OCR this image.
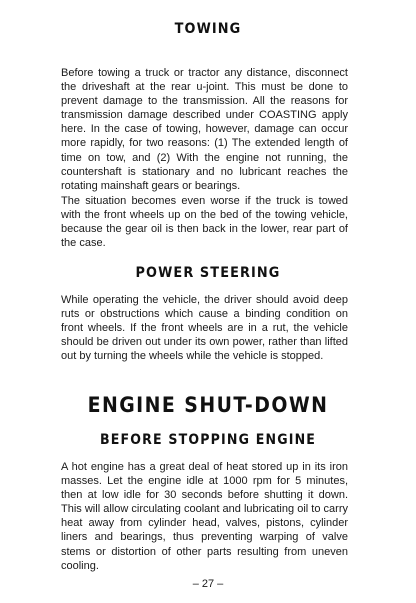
TOWING

Before towing a truck or tractor any distance, disconnect the driveshaft at the rear u-joint. This must be done to prevent damage to the transmission. All the reasons for transmission damage described under COASTING apply here. In the case of towing, however, damage can occur more rapidly, for two reasons: (1) The extended length of time on tow, and (2) With the engine not running, the countershaft is stationary and no lubricant reaches the rotating mainshaft gears or bearings.

The situation becomes even worse if the truck is towed with the front wheels up on the bed of the towing vehicle, because the gear oil is then back in the lower, rear part of the case.

POWER STEERING

While operating the vehicle, the driver should avoid deep ruts or obstructions which cause a binding condition on front wheels. If the front wheels are in a rut, the vehicle should be driven out under its own power, rather than lifted out by turning the wheels while the vehicle is stopped.

ENGINE SHUT-DOWN
BEFORE STOPPING ENGINE

A hot engine has a great deal of heat stored up in its iron masses. Let the engine idle at 1000 rpm for 5 minutes, then at low idle for 30 seconds before shutting it down. This will allow circulating coolant and lubricating oil to carry heat away from cylinder head, valves, pistons, cylinder liners and bearings, thus preventing warping of valve stems or distortion of other parts resulting from uneven cooling.

– 27 –
